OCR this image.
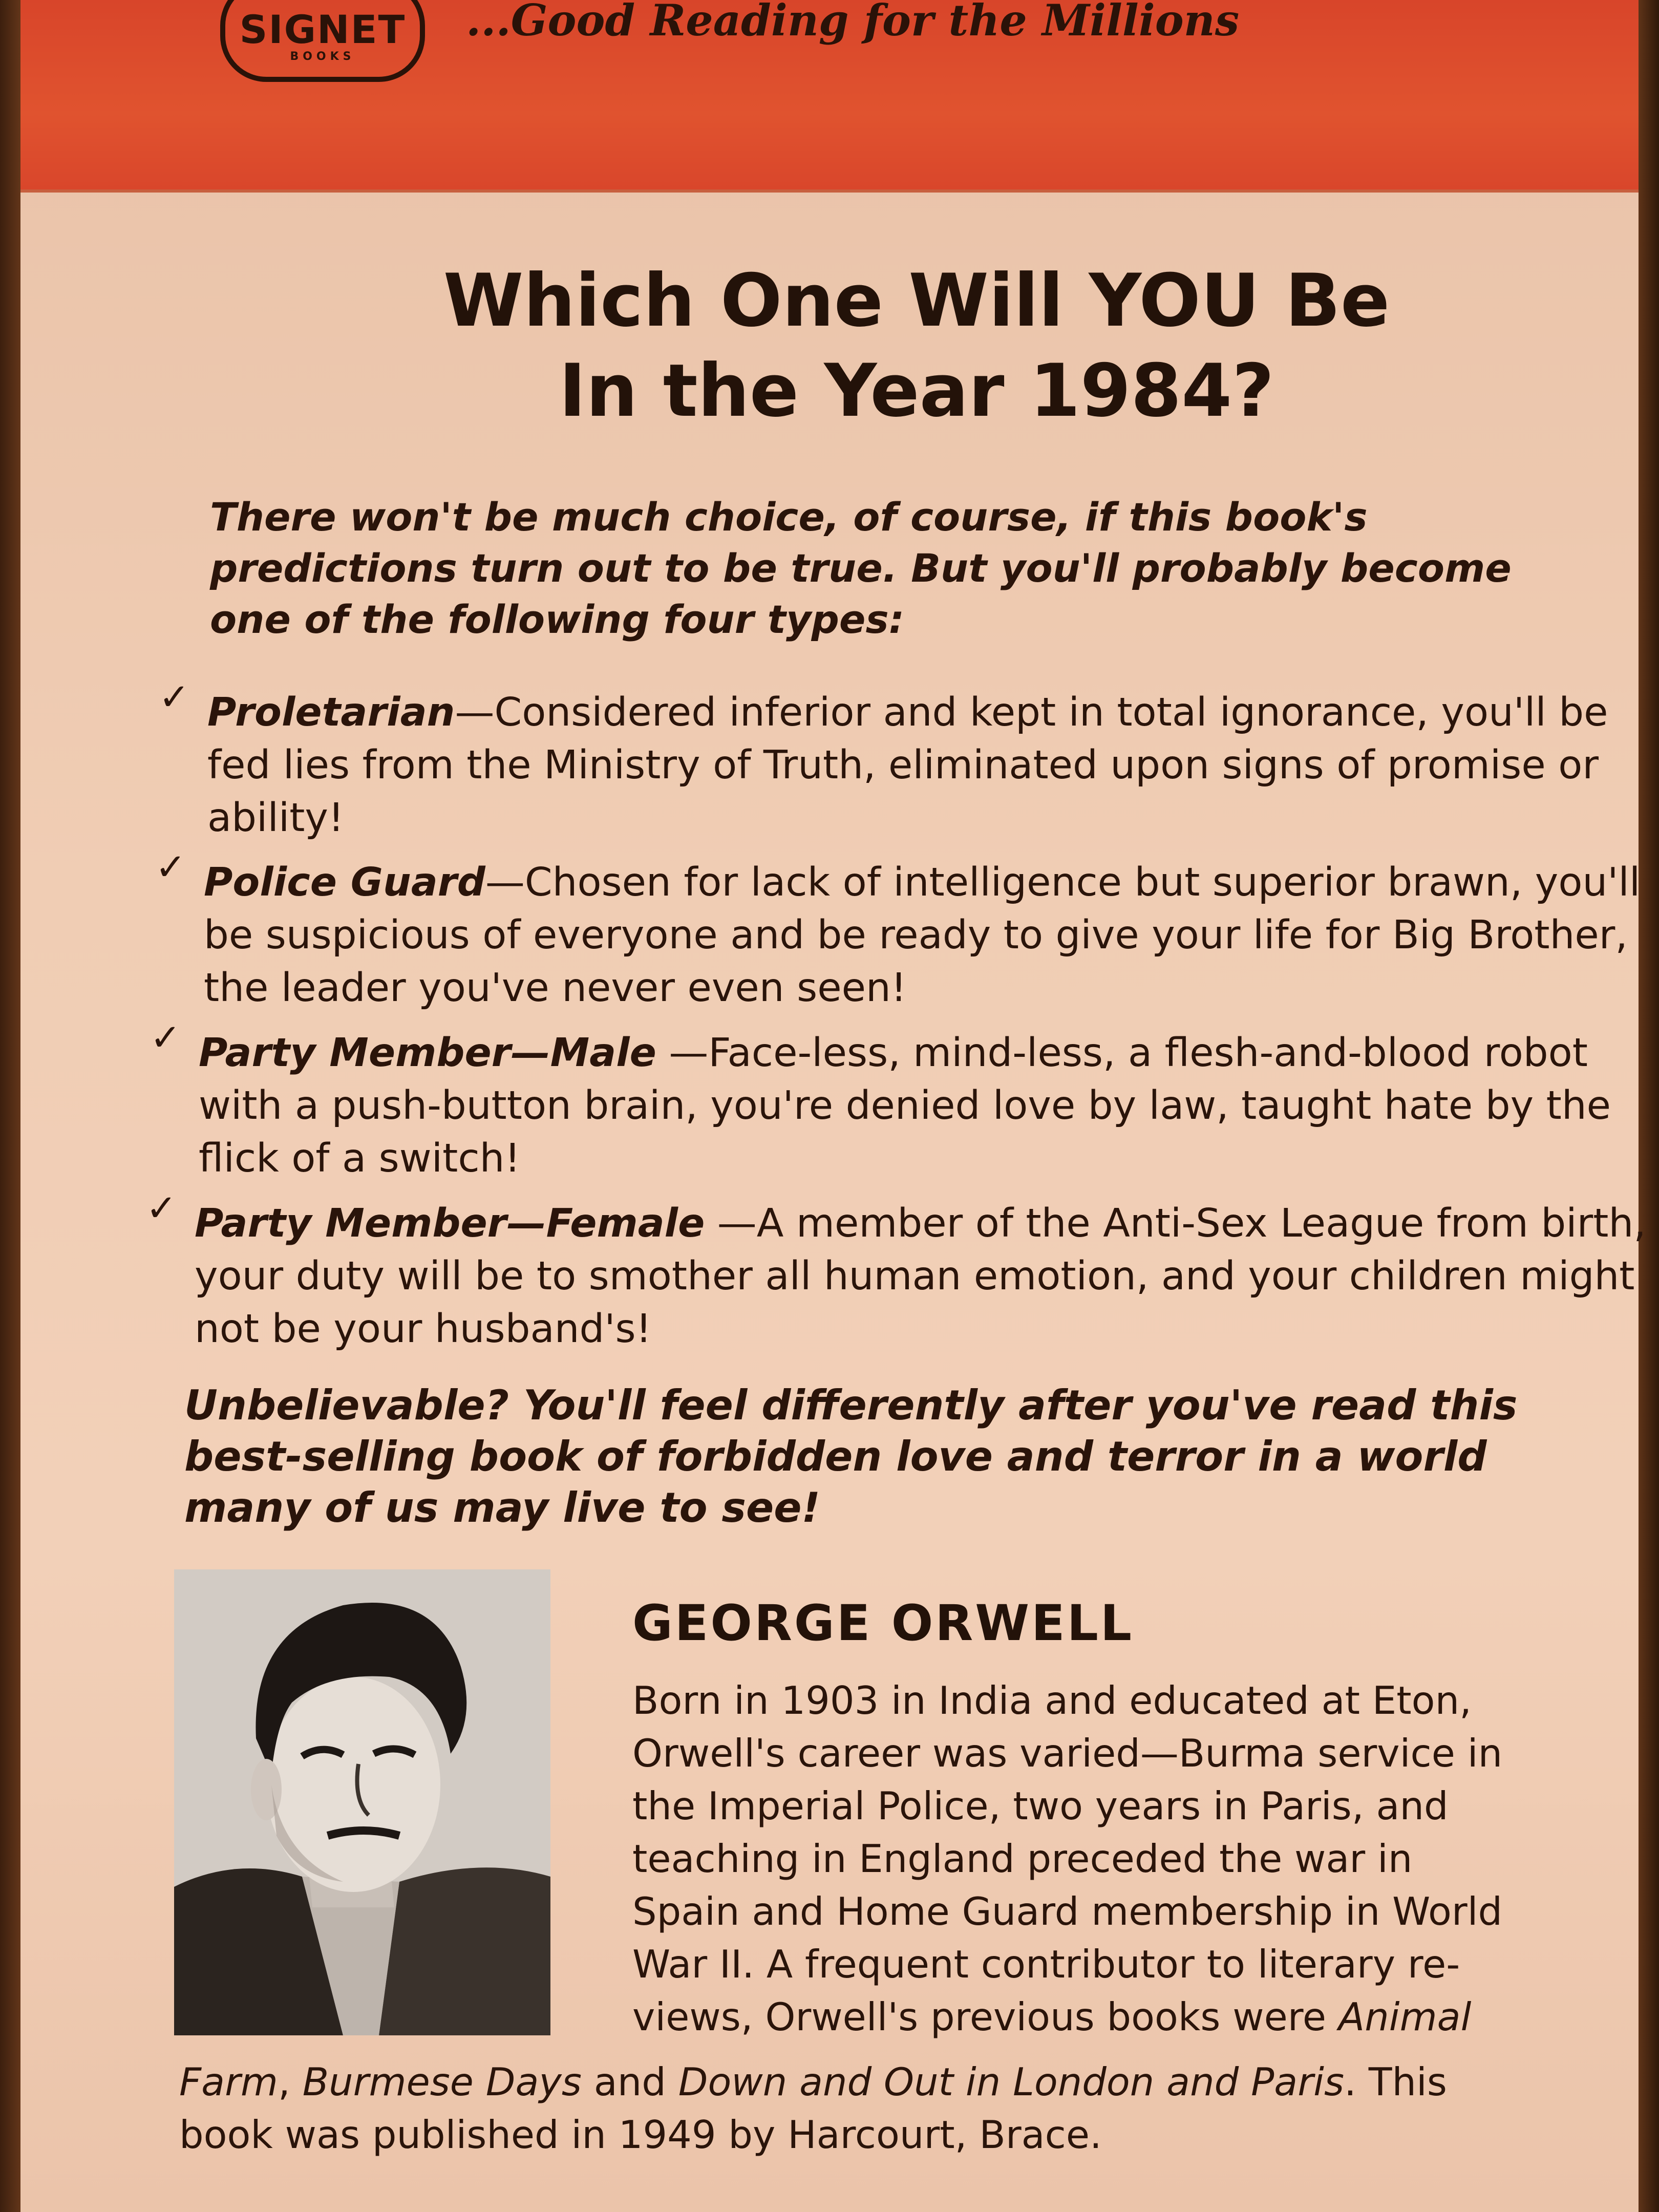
SIGNET
BOOKS
...Good Reading for the Millions
Which One Will YOU Be
In the Year 1984?

There won't be much choice, of course, if this book's predictions turn out to be true. But you'll probably become one of the following four types:

✓ Proletarian—Considered inferior and kept in total ignorance, you'll be fed lies from the Ministry of Truth, eliminated upon signs of promise or ability!
✓ Police Guard—Chosen for lack of intelligence but superior brawn, you'll be suspicious of everyone and be ready to give your life for Big Brother, the leader you've never even seen!
✓ Party Member—Male —Face-less, mind-less, a flesh-and-blood robot with a push-button brain, you're denied love by law, taught hate by the flick of a switch!
✓ Party Member—Female —A member of the Anti-Sex League from birth, your duty will be to smother all human emotion, and your children might not be your husband's!

Unbelievable? You'll feel differently after you've read this best-selling book of forbidden love and terror in a world many of us may live to see!

GEORGE ORWELL
Born in 1903 in India and educated at Eton,
Orwell's career was varied—Burma service in
the Imperial Police, two years in Paris, and
teaching in England preceded the war in
Spain and Home Guard membership in World
War II. A frequent contributor to literary re-
views, Orwell's previous books were Animal
Farm, Burmese Days and Down and Out in London and Paris. This
book was published in 1949 by Harcourt, Brace.
